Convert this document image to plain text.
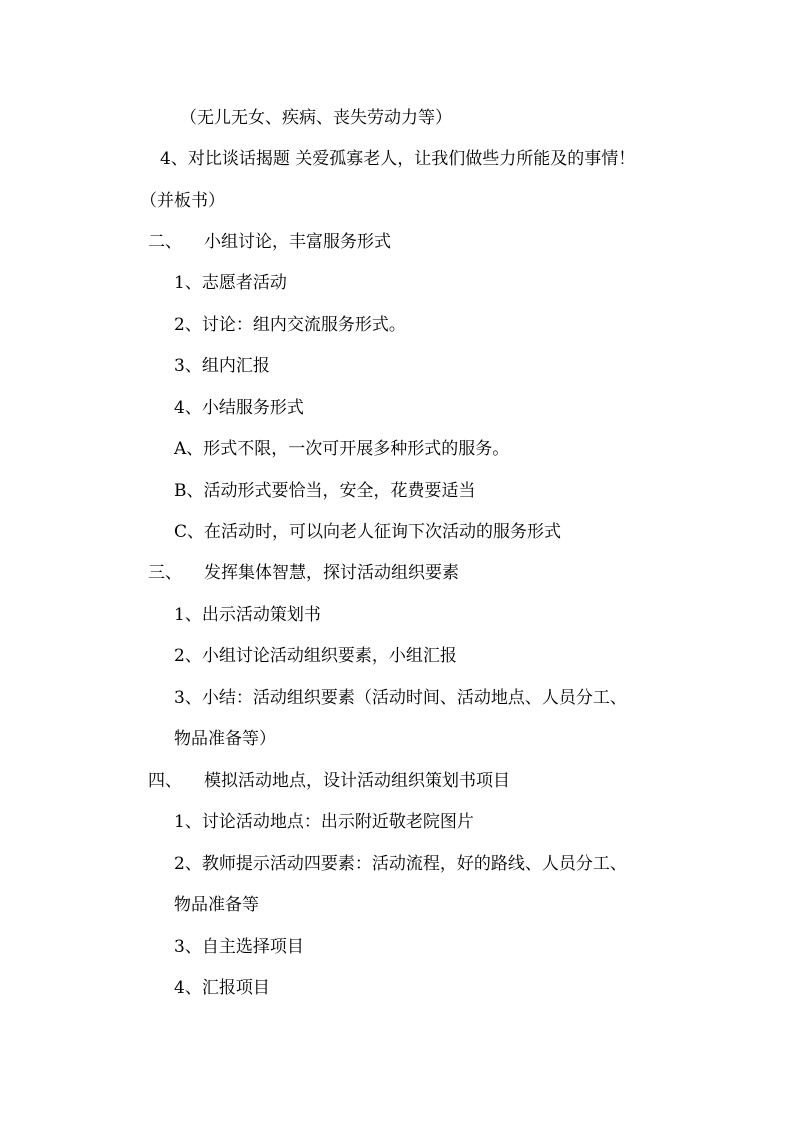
（无儿无女、疾病、丧失劳动力等）
4、对比谈话揭题 关爱孤寡老人，让我们做些力所能及的事情！
（并板书）
二、 小组讨论，丰富服务形式
1、志愿者活动
2、讨论：组内交流服务形式。
3、组内汇报
4、小结服务形式
A、形式不限，一次可开展多种形式的服务。
B、活动形式要恰当，安全，花费要适当
C、在活动时，可以向老人征询下次活动的服务形式
三、 发挥集体智慧，探讨活动组织要素
1、出示活动策划书
2、小组讨论活动组织要素，小组汇报
3、小结：活动组织要素（活动时间、活动地点、人员分工、
物品准备等）
四、 模拟活动地点，设计活动组织策划书项目
1、讨论活动地点：出示附近敬老院图片
2、教师提示活动四要素：活动流程，好的路线、人员分工、
物品准备等
3、自主选择项目
4、汇报项目
